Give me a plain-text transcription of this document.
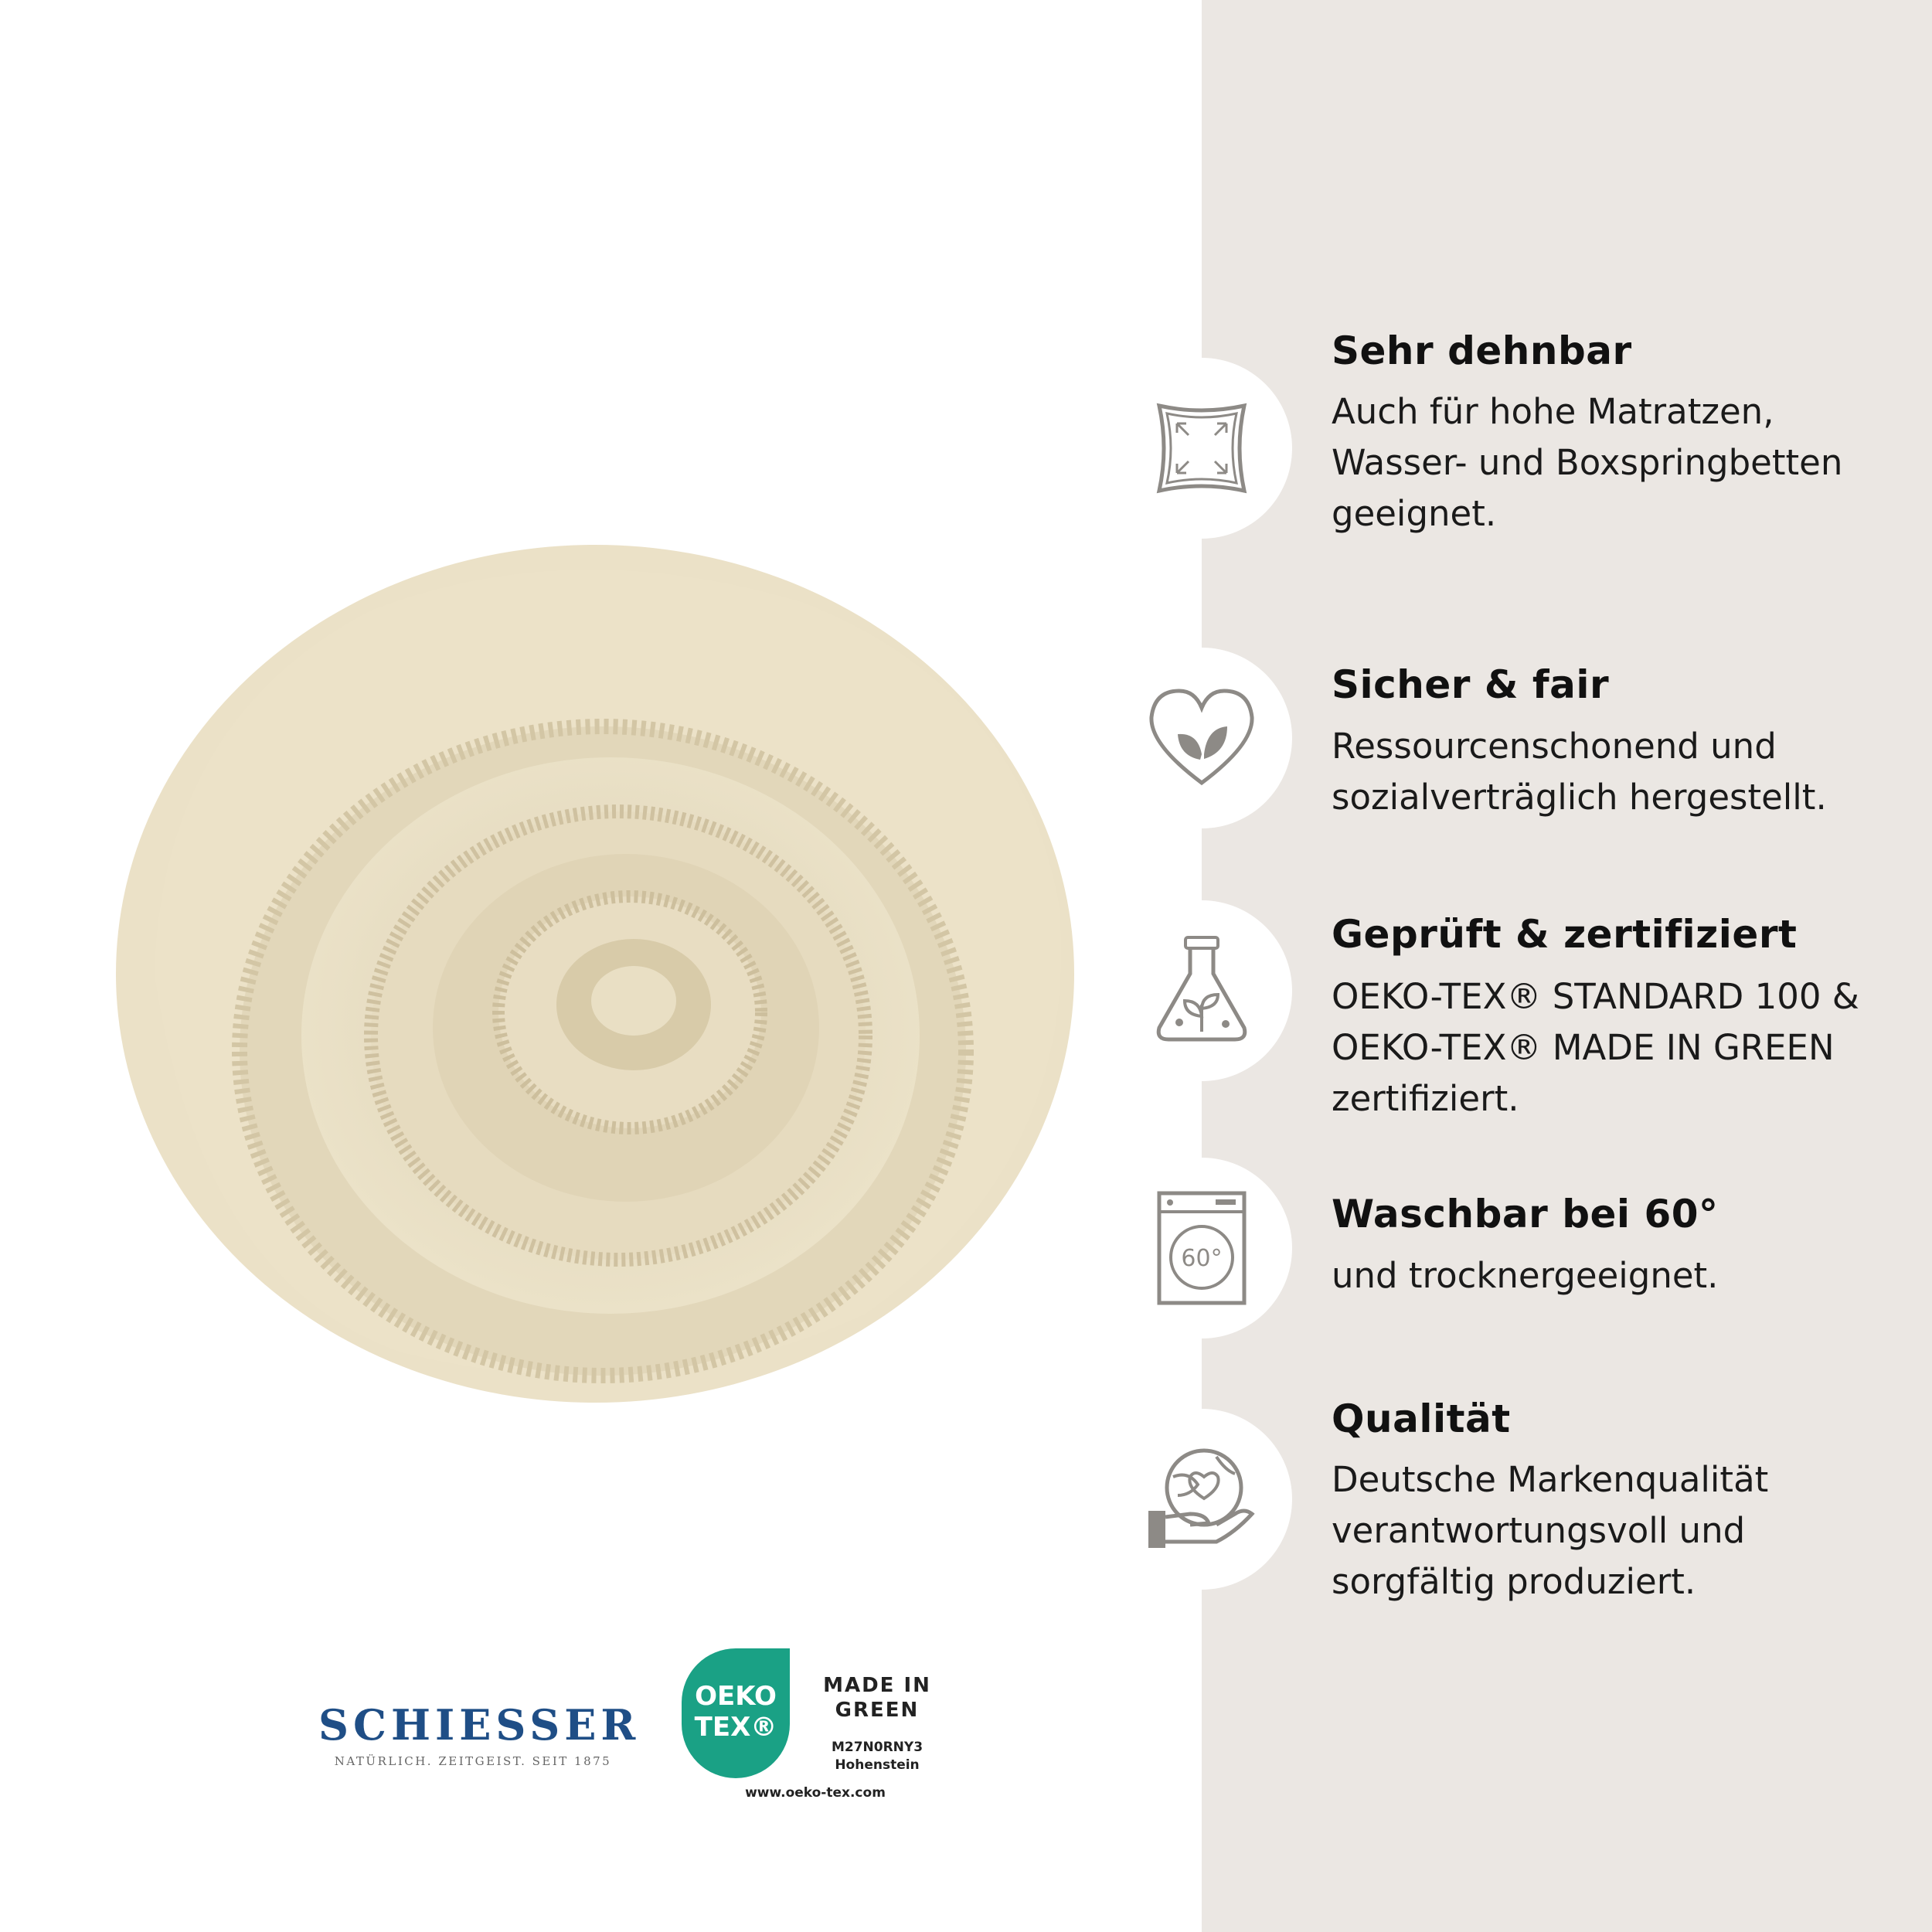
Sehr dehnbar
Auch für hohe Matratzen,
Wasser- und Boxspringbetten
geeignet.
Sicher & fair
Ressourcenschonend und
sozialverträglich hergestellt.
Geprüft & zertifiziert
OEKO-TEX® STANDARD 100 &
OEKO-TEX® MADE IN GREEN
zertifiziert.
60°
Waschbar bei 60°
und trocknergeeignet.
Qualität
Deutsche Markenqualität
verantwortungsvoll und
sorgfältig produziert.
SCHIESSER
NATÜRLICH. ZEITGEIST. SEIT 1875
OEKO
TEX®
MADE IN
GREEN
M27N0RNY3
Hohenstein
www.oeko-tex.com
